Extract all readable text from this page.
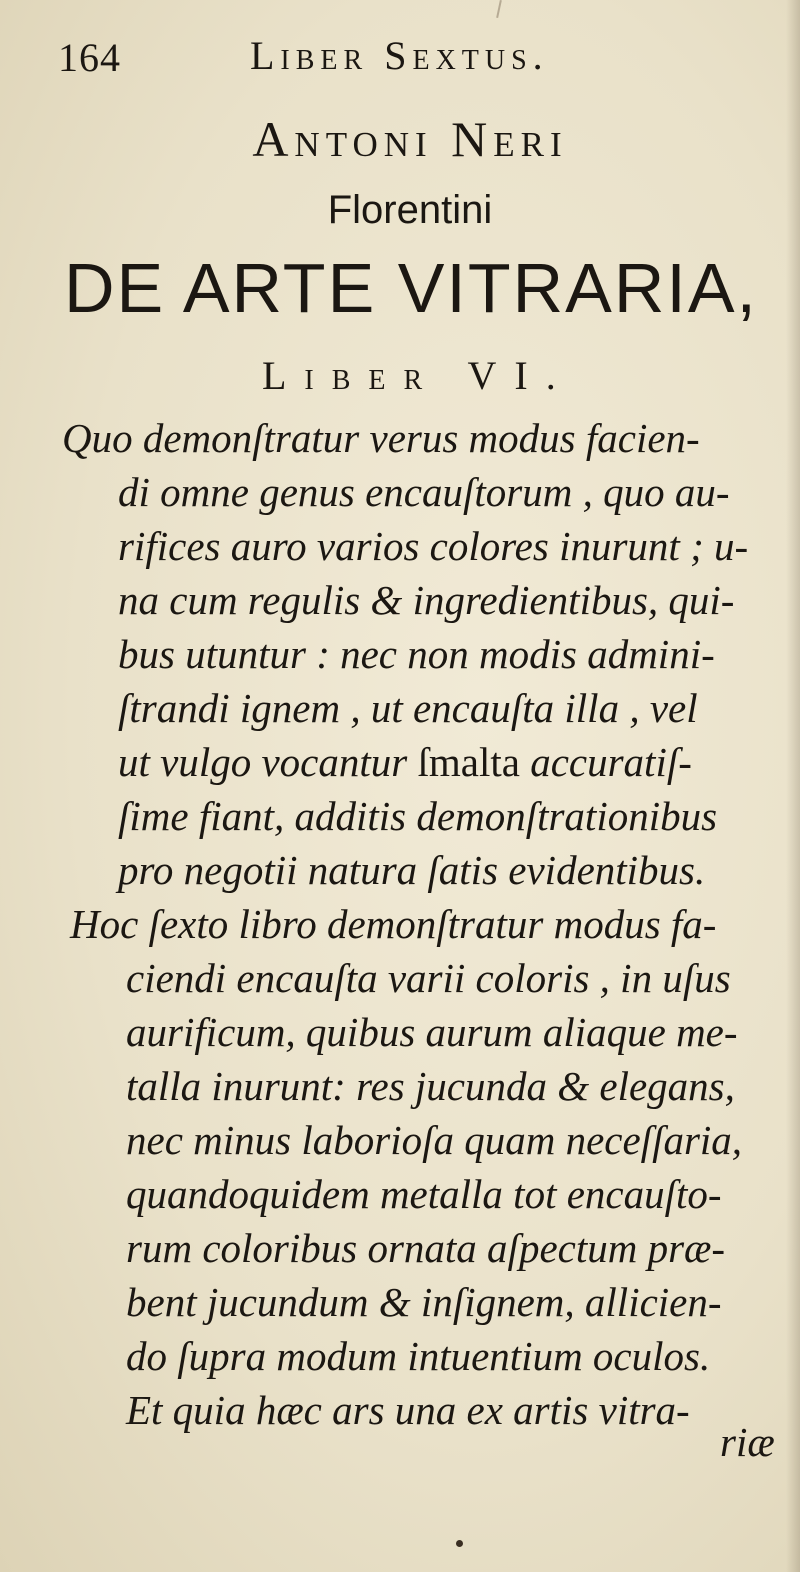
164	Liber Sextus.
Antoni Neri
Florentini
DE ARTE VITRARIA,
Liber VI.
Quo demonſtratur verus modus facien-
di omne genus encauſtorum , quo au-
rifices auro varios colores inurunt ; u-
na cum regulis & ingredientibus, qui-
bus utuntur : nec non modis admini-
ſtrandi ignem , ut encauſta illa , vel
ut vulgo vocantur ſmalta accuratiſ-
ſime fiant, additis demonſtrationibus
pro negotii natura ſatis evidentibus.
Hoc ſexto libro demonſtratur modus fa-
ciendi encauſta varii coloris , in uſus
aurificum, quibus aurum aliaque me-
talla inurunt: res jucunda & elegans,
nec minus laborioſa quam neceſſaria,
quandoquidem metalla tot encauſto-
rum coloribus ornata aſpectum præ-
bent jucundum & inſignem, allicien-
do ſupra modum intuentium oculos.
Et quia hæc ars una ex artis vitra-
riæ
